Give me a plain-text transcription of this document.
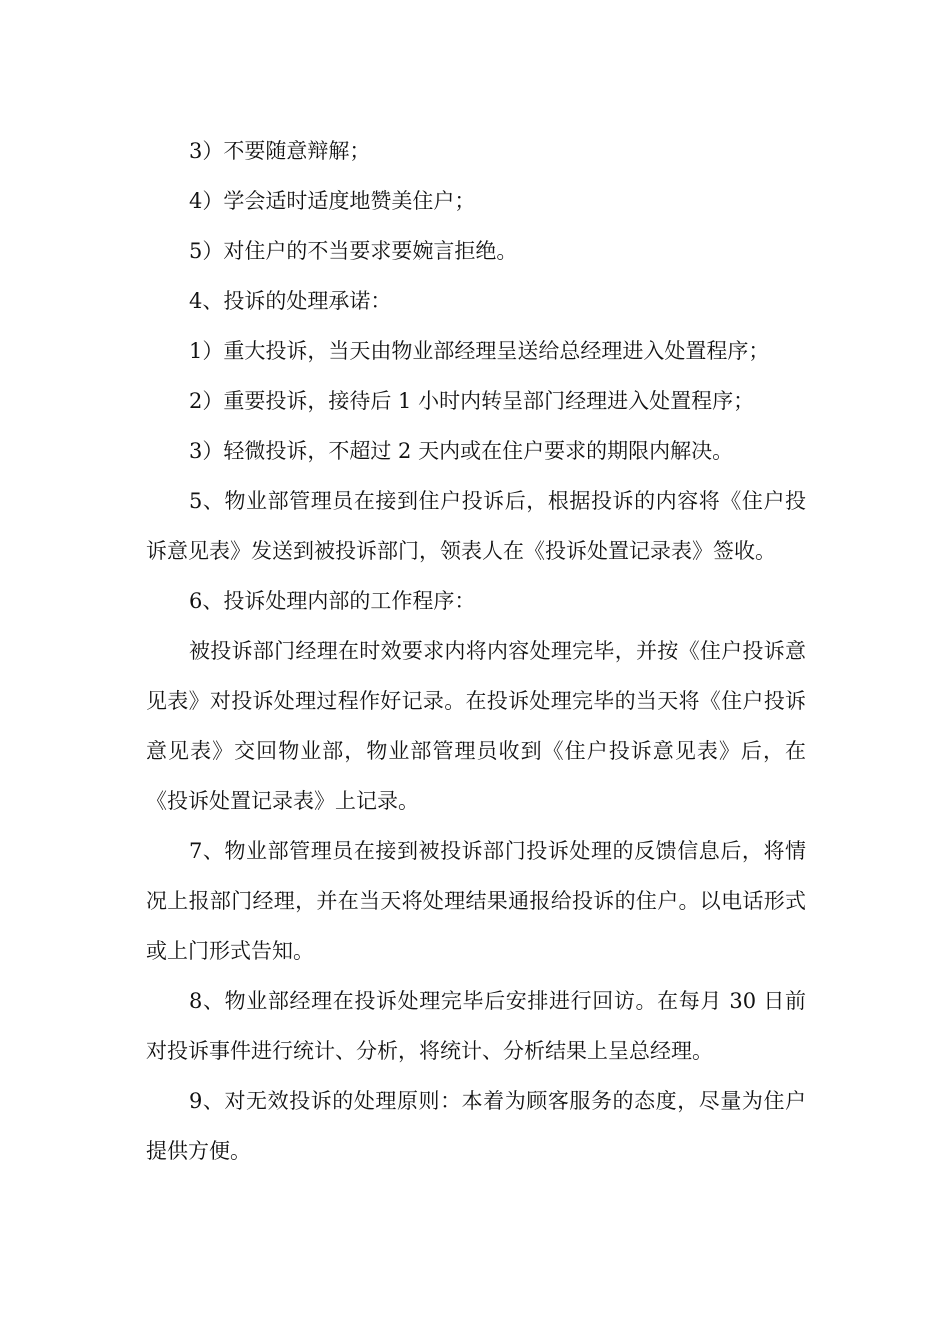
3）不要随意辩解；

4）学会适时适度地赞美住户；

5）对住户的不当要求要婉言拒绝。

4、投诉的处理承诺：

1）重大投诉，当天由物业部经理呈送给总经理进入处置程序；

2）重要投诉，接待后 1 小时内转呈部门经理进入处置程序；

3）轻微投诉，不超过 2 天内或在住户要求的期限内解决。

5、物业部管理员在接到住户投诉后，根据投诉的内容将《住户投诉意见表》发送到被投诉部门，领表人在《投诉处置记录表》签收。

6、投诉处理内部的工作程序：

被投诉部门经理在时效要求内将内容处理完毕，并按《住户投诉意见表》对投诉处理过程作好记录。在投诉处理完毕的当天将《住户投诉意见表》交回物业部，物业部管理员收到《住户投诉意见表》后，在《投诉处置记录表》上记录。

7、物业部管理员在接到被投诉部门投诉处理的反馈信息后，将情况上报部门经理，并在当天将处理结果通报给投诉的住户。以电话形式或上门形式告知。

8、物业部经理在投诉处理完毕后安排进行回访。在每月 30 日前对投诉事件进行统计、分析，将统计、分析结果上呈总经理。

9、对无效投诉的处理原则：本着为顾客服务的态度，尽量为住户提供方便。
